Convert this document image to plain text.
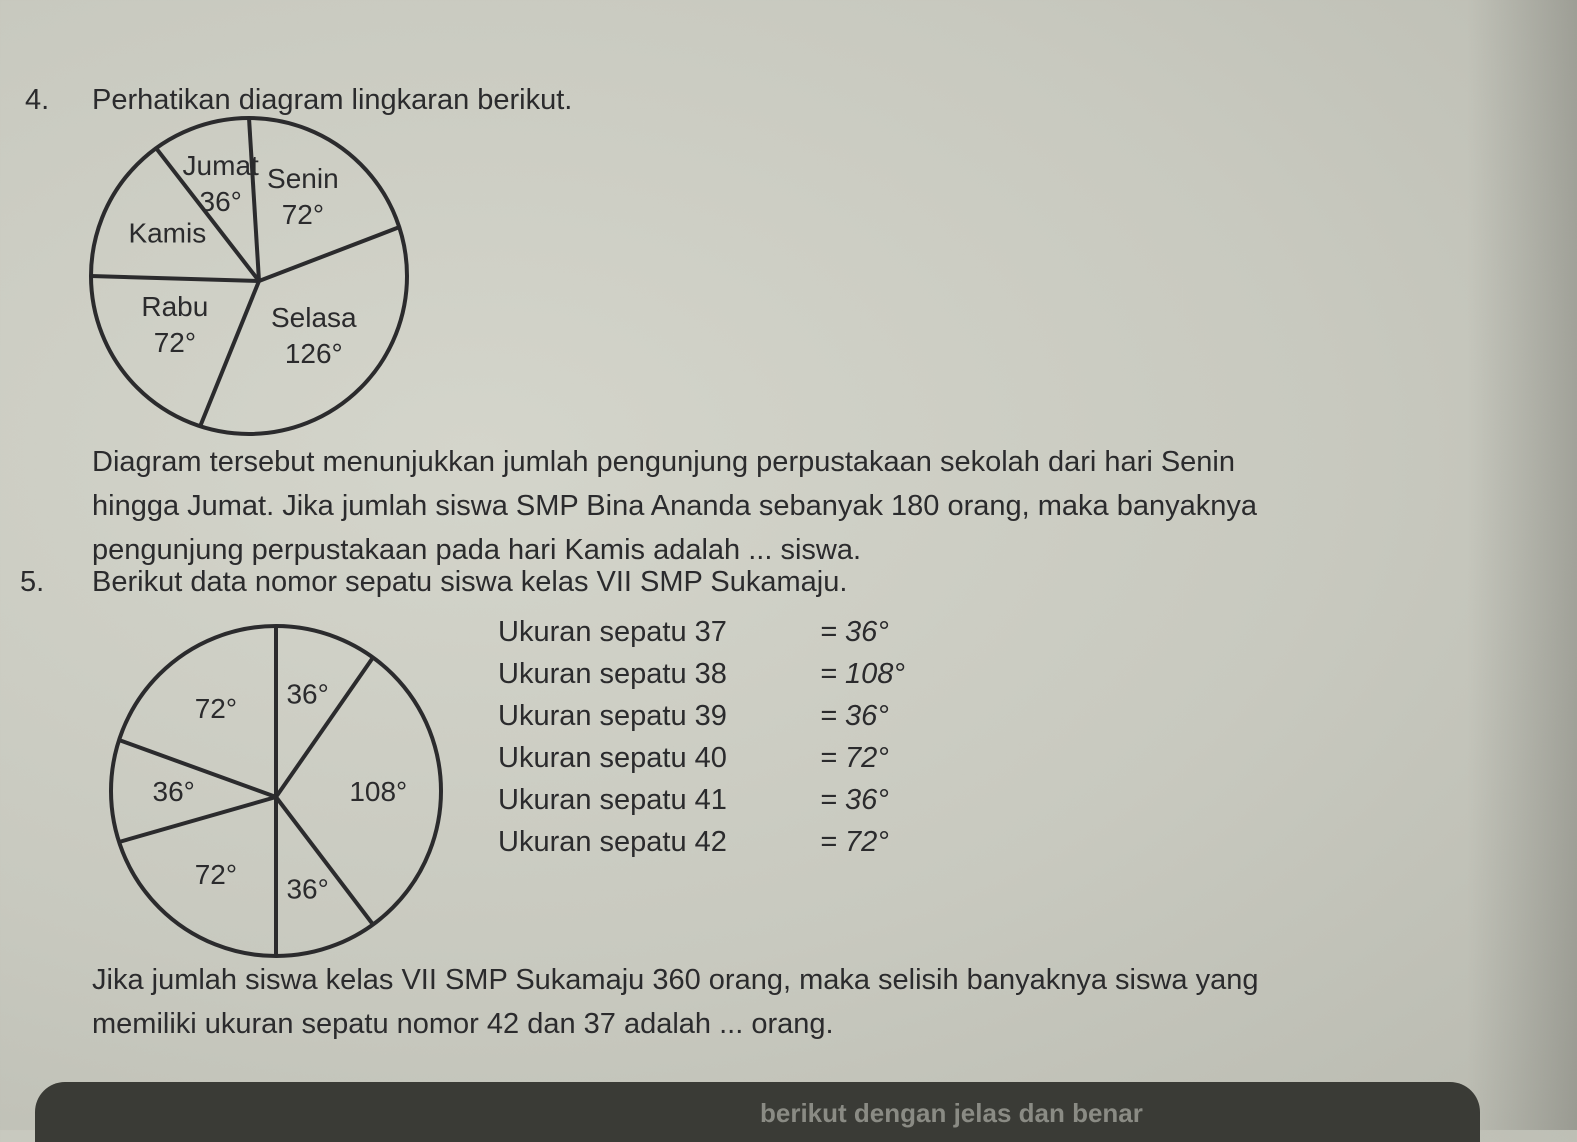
4. Perhatikan diagram lingkaran berikut.
Senin
72°
Selasa
126°
Rabu
72°
Kamis
Jumat
36°
Diagram tersebut menunjukkan jumlah pengunjung perpustakaan sekolah dari hari Senin
hingga Jumat. Jika jumlah siswa SMP Bina Ananda sebanyak 180 orang, maka banyaknya
pengunjung perpustakaan pada hari Kamis adalah ... siswa.
5. Berikut data nomor sepatu siswa kelas VII SMP Sukamaju.
36°
108°
36°
72°
36°
72°
Ukuran sepatu 37	= 36°
Ukuran sepatu 38	= 108°
Ukuran sepatu 39	= 36°
Ukuran sepatu 40	= 72°
Ukuran sepatu 41	= 36°
Ukuran sepatu 42	= 72°
Jika jumlah siswa kelas VII SMP Sukamaju 360 orang, maka selisih banyaknya siswa yang
memiliki ukuran sepatu nomor 42 dan 37 adalah ... orang.
berikut dengan jelas dan benar
